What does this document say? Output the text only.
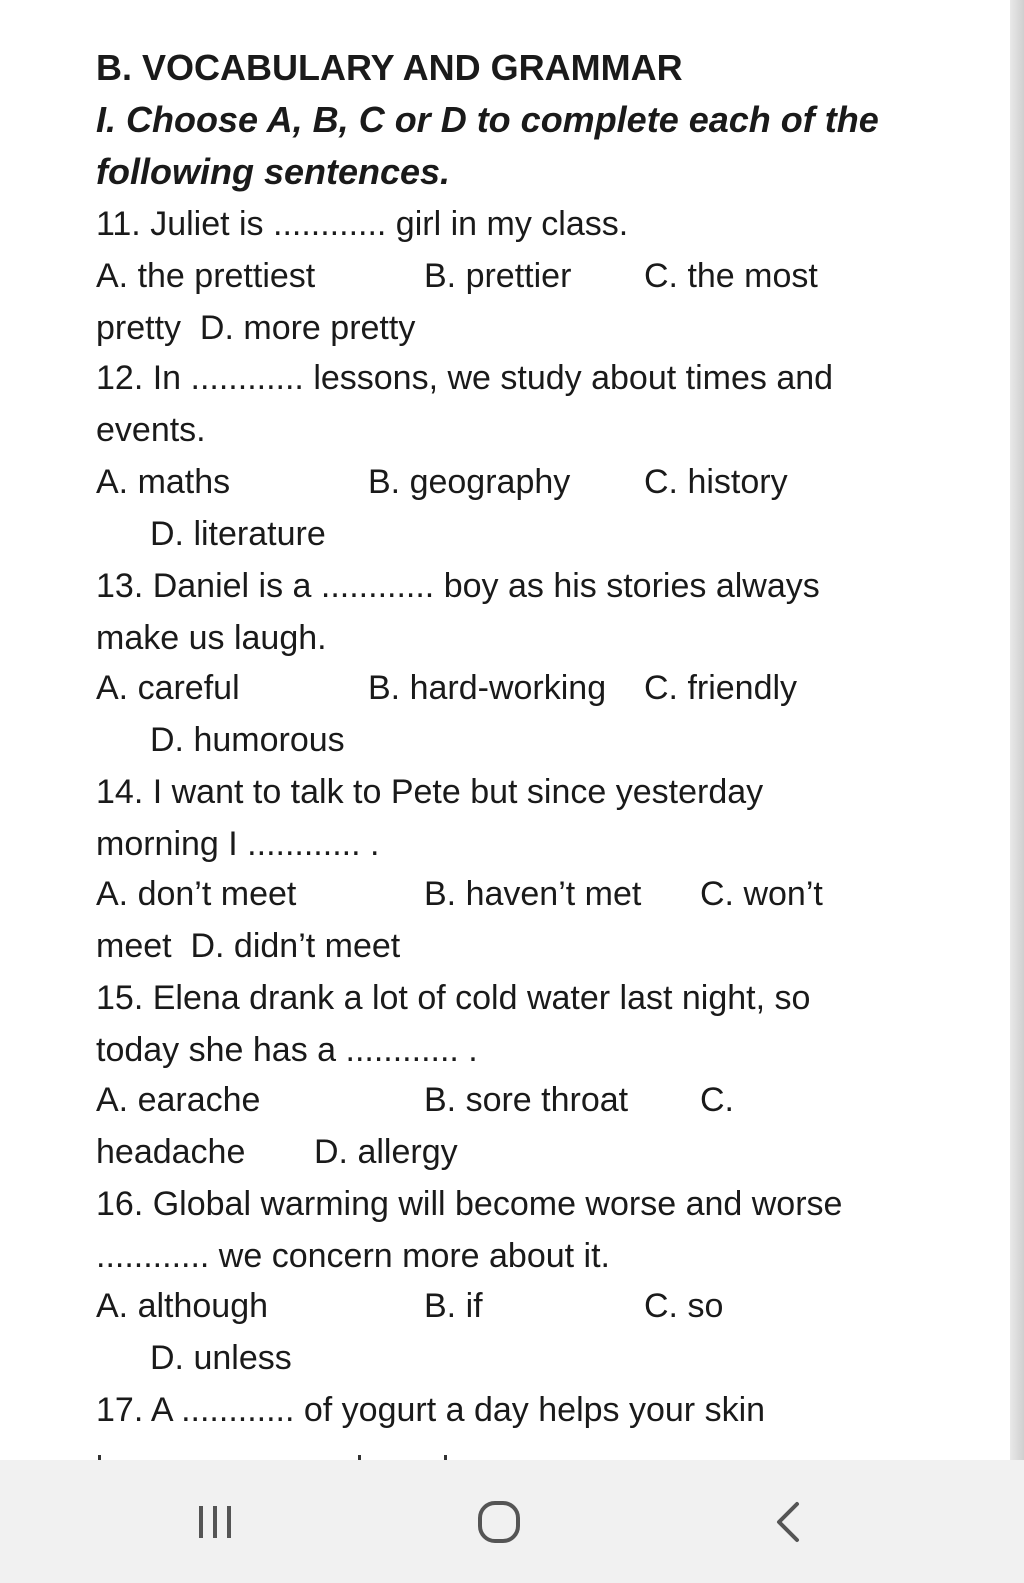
B. VOCABULARY AND GRAMMAR
I. Choose A, B, C or D to complete each of the
following sentences.
11. Juliet is ............ girl in my class.
A. the prettiest	B. prettier C. the most
pretty  D. more pretty
12. In ............ lessons, we study about times and
events.
A. maths	B. geography C. history
D. literature
13. Daniel is a ............ boy as his stories always
make us laugh.
A. careful	B. hard-working C. friendly
D. humorous
14. I want to talk to Pete but since yesterday
morning I ............ .
A. don’t meet	B. haven’t met C. won’t
meet  D. didn’t meet
15. Elena drank a lot of cold water last night, so
today she has a ............ .
A. earache	B. sore throat C.
headache D. allergy
16. Global warming will become worse and worse
............ we concern more about it.
A. although	B. if	C. so
D. unless
17. A ............ of yogurt a day helps your skin
